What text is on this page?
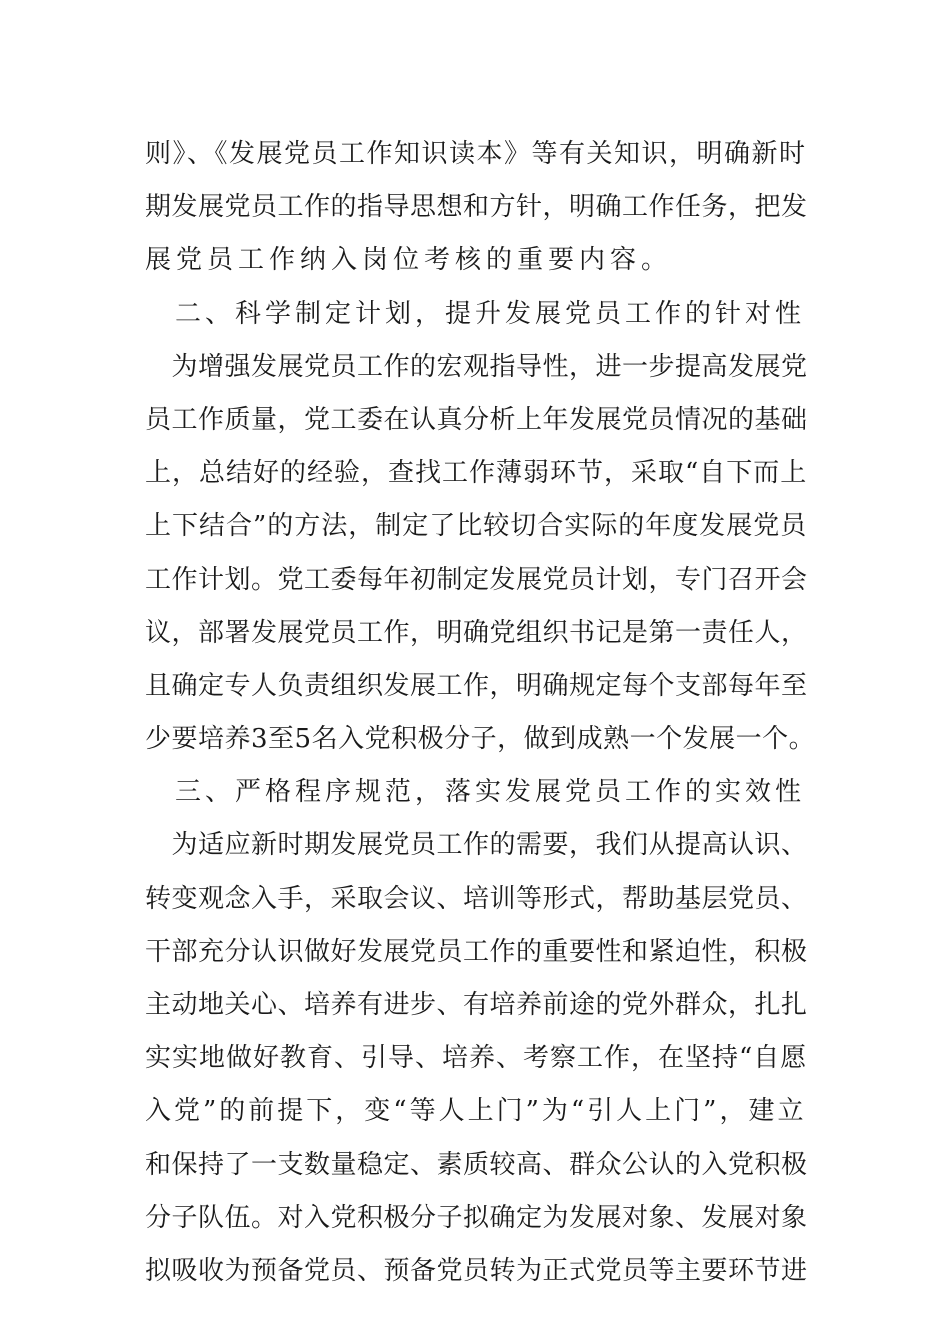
则》、《发展党员工作知识读本》等有关知识，明确新时
期发展党员工作的指导思想和方针，明确工作任务，把发
展党员工作纳入岗位考核的重要内容。
　二、科学制定计划，提升发展党员工作的针对性
　为增强发展党员工作的宏观指导性，进一步提高发展党
员工作质量，党工委在认真分析上年发展党员情况的基础
上，总结好的经验，查找工作薄弱环节，采取“自下而上
上下结合”的方法，制定了比较切合实际的年度发展党员
工作计划。党工委每年初制定发展党员计划，专门召开会
议，部署发展党员工作，明确党组织书记是第一责任人，
且确定专人负责组织发展工作，明确规定每个支部每年至
少要培养3至5名入党积极分子，做到成熟一个发展一个。
　三、严格程序规范，落实发展党员工作的实效性
　为适应新时期发展党员工作的需要，我们从提高认识、
转变观念入手，采取会议、培训等形式，帮助基层党员、
干部充分认识做好发展党员工作的重要性和紧迫性，积极
主动地关心、培养有进步、有培养前途的党外群众，扎扎
实实地做好教育、引导、培养、考察工作，在坚持“自愿
入党”的前提下，变“等人上门”为“引人上门”，建立
和保持了一支数量稳定、素质较高、群众公认的入党积极
分子队伍。对入党积极分子拟确定为发展对象、发展对象
拟吸收为预备党员、预备党员转为正式党员等主要环节进
